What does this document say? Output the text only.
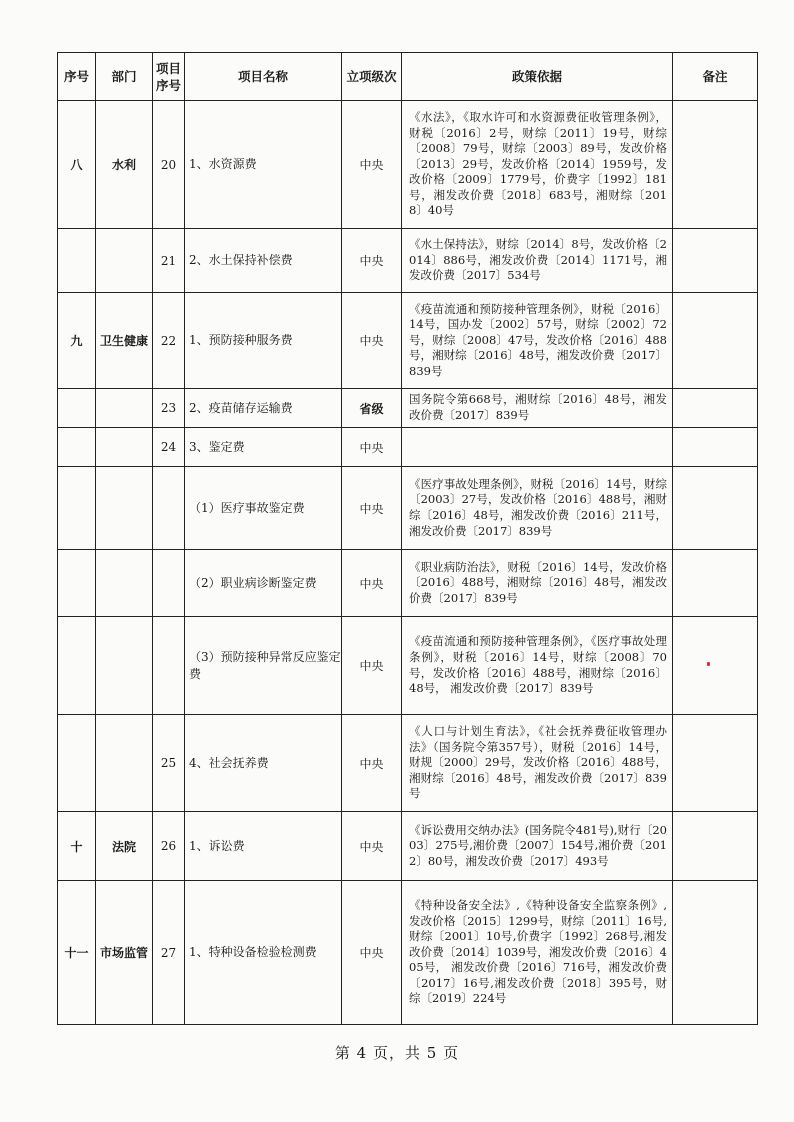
序号	部门	项目序号	项目名称	立项级次	政策依据	备注
八	水利	20	1、水资源费	中央	《水法》，《取水许可和水资源费征收管理条例》，财税〔2016〕2号，财综〔2011〕19号，财综〔2008〕79号，财综〔2003〕89号，发改价格〔2013〕29号，发改价格〔2014〕1959号，发改价格〔2009〕1779号，价费字〔1992〕181号，湘发改价费〔2018〕683号，湘财综〔2018〕40号	
		21	2、水土保持补偿费	中央	《水土保持法》，财综〔2014〕8号，发改价格〔2014〕886号，湘发改价费〔2014〕1171号，湘发改价费〔2017〕534号	
九	卫生健康	22	1、预防接种服务费	中央	《疫苗流通和预防接种管理条例》，财税〔2016〕14号，国办发〔2002〕57号，财综〔2002〕72号，财综〔2008〕47号，发改价格〔2016〕488号，湘财综〔2016〕48号，湘发改价费〔2017〕839号	
		23	2、疫苗储存运输费	省级	国务院令第668号，湘财综〔2016〕48号，湘发改价费〔2017〕839号	
		24	3、鉴定费	中央		
			（1）医疗事故鉴定费	中央	《医疗事故处理条例》，财税〔2016〕14号，财综〔2003〕27号，发改价格〔2016〕488号，湘财综〔2016〕48号，湘发改价费〔2016〕211号，湘发改价费〔2017〕839号	
			（2）职业病诊断鉴定费	中央	《职业病防治法》，财税〔2016〕14号，发改价格〔2016〕488号，湘财综〔2016〕48号，湘发改价费〔2017〕839号	
			（3）预防接种异常反应鉴定费	中央	《疫苗流通和预防接种管理条例》，《医疗事故处理条例》，财税〔2016〕14号，财综〔2008〕70号，发改价格〔2016〕488号，湘财综〔2016〕48号， 湘发改价费〔2017〕839号	
		25	4、社会抚养费	中央	《人口与计划生育法》，《社会抚养费征收管理办法》（国务院令第357号），财税〔2016〕14号，财规〔2000〕29号，发改价格〔2016〕488号，湘财综〔2016〕48号，湘发改价费〔2017〕839号	
十	法院	26	1、诉讼费	中央	《诉讼费用交纳办法》(国务院令481号),财行〔2003〕275号,湘价费〔2007〕154号,湘价费〔2012〕80号，湘发改价费〔2017〕493号	
十一	市场监管	27	1、特种设备检验检测费	中央	《特种设备安全法》,《特种设备安全监察条例》,发改价格〔2015〕1299号，财综〔2011〕16号,财综〔2001〕10号,价费字〔1992〕268号,湘发改价费〔2014〕1039号，湘发改价费〔2016〕405号， 湘发改价费〔2016〕716号，湘发改价费〔2017〕16号,湘发改价费〔2018〕395号，财综〔2019〕224号	
第 4 页，共 5 页
